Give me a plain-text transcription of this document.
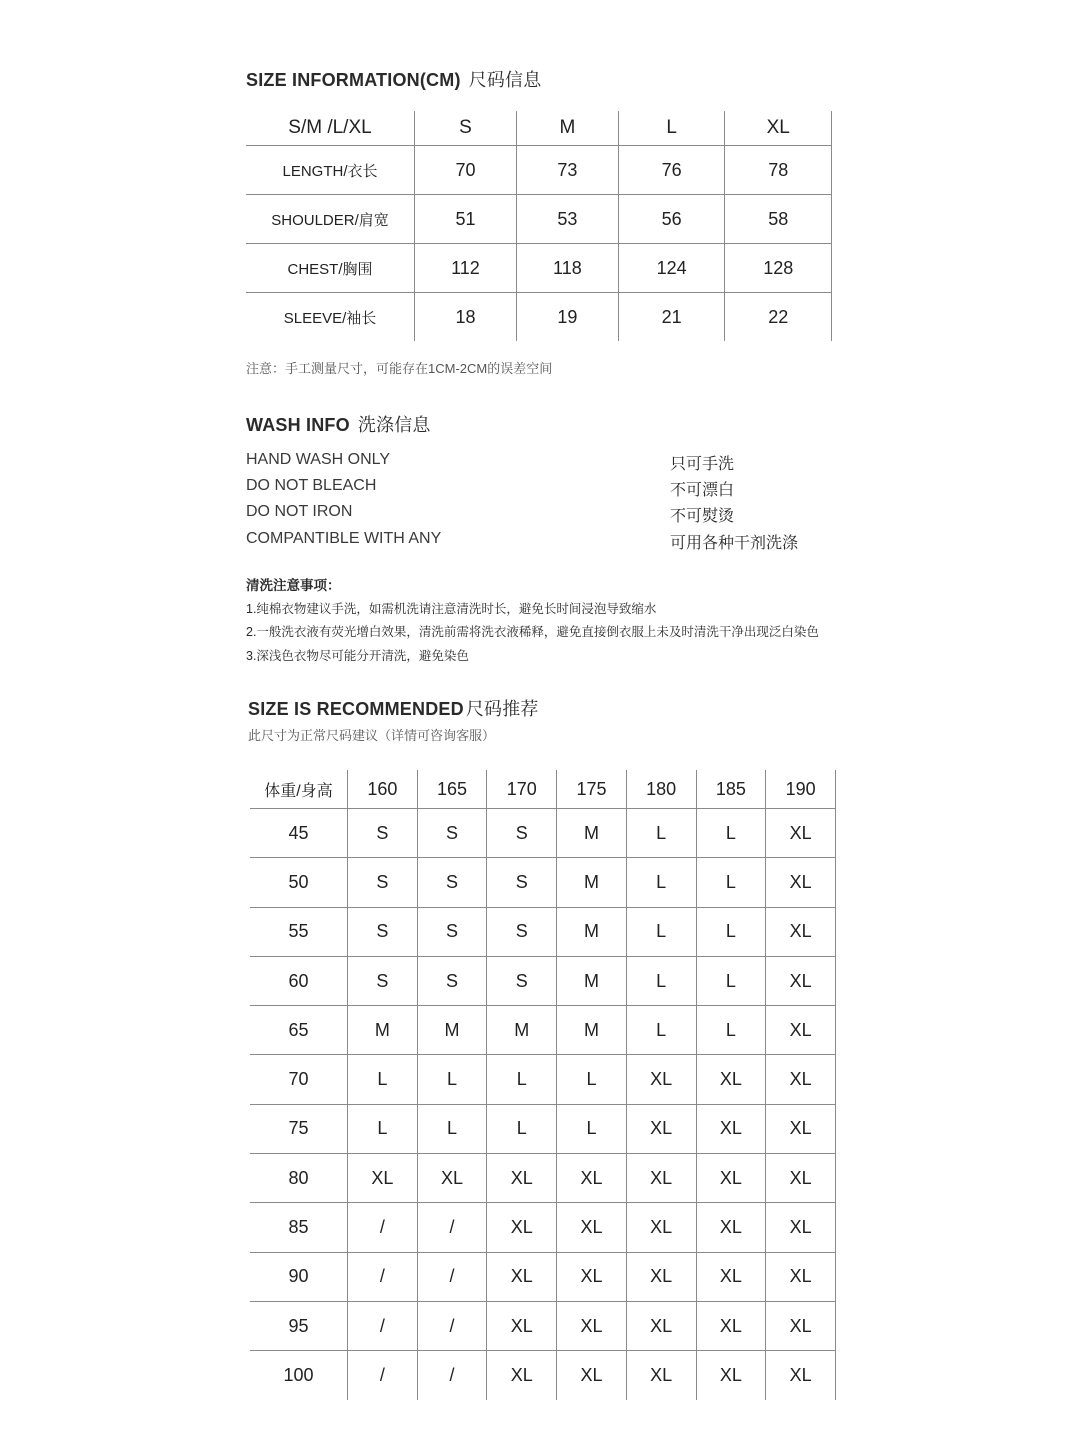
SIZE INFORMATION(CM) 尺码信息
S/M /L/XL	S	M	L	XL
LENGTH/衣长	70	73	76	78
SHOULDER/肩宽	51	53	56	58
CHEST/胸围	112	118	124	128
SLEEVE/袖长	18	19	21	22
注意：手工测量尺寸，可能存在1CM-2CM的误差空间
WASH INFO 洗涤信息
HAND WASH ONLY	只可手洗
DO NOT BLEACH	不可漂白
DO NOT IRON	不可熨烫
COMPANTIBLE WITH ANY	可用各种干剂洗涤
清洗注意事项：
1.纯棉衣物建议手洗，如需机洗请注意清洗时长，避免长时间浸泡导致缩水
2.一般洗衣液有荧光增白效果，清洗前需将洗衣液稀释，避免直接倒衣服上未及时清洗干净出现泛白染色
3.深浅色衣物尽可能分开清洗，避免染色
SIZE IS RECOMMENDED 尺码推荐
此尺寸为正常尺码建议（详情可咨询客服）
体重/身高	160	165	170	175	180	185	190
45	S	S	S	M	L	L	XL
50	S	S	S	M	L	L	XL
55	S	S	S	M	L	L	XL
60	S	S	S	M	L	L	XL
65	M	M	M	M	L	L	XL
70	L	L	L	L	XL	XL	XL
75	L	L	L	L	XL	XL	XL
80	XL	XL	XL	XL	XL	XL	XL
85	/	/	XL	XL	XL	XL	XL
90	/	/	XL	XL	XL	XL	XL
95	/	/	XL	XL	XL	XL	XL
100	/	/	XL	XL	XL	XL	XL
